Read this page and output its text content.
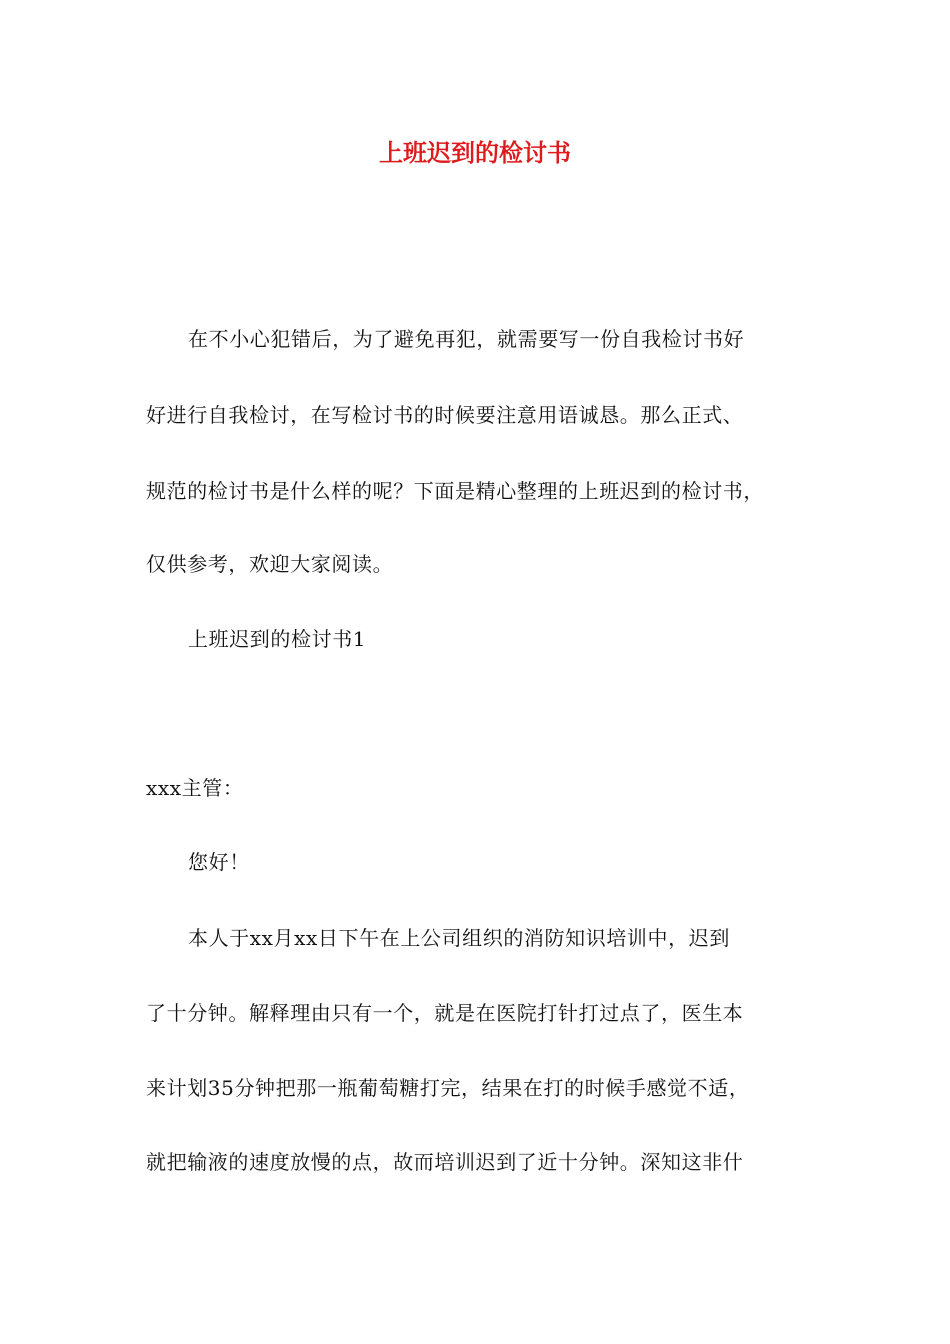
上班迟到的检讨书
在不小心犯错后，为了避免再犯，就需要写一份自我检讨书好
好进行自我检讨，在写检讨书的时候要注意用语诚恳。那么正式、
规范的检讨书是什么样的呢？下面是精心整理的上班迟到的检讨书，
仅供参考，欢迎大家阅读。
上班迟到的检讨书1
xxx主管：
您好！
本人于xx月xx日下午在上公司组织的消防知识培训中，迟到
了十分钟。解释理由只有一个，就是在医院打针打过点了，医生本
来计划35分钟把那一瓶葡萄糖打完，结果在打的时候手感觉不适，
就把输液的速度放慢的点，故而培训迟到了近十分钟。深知这非什
